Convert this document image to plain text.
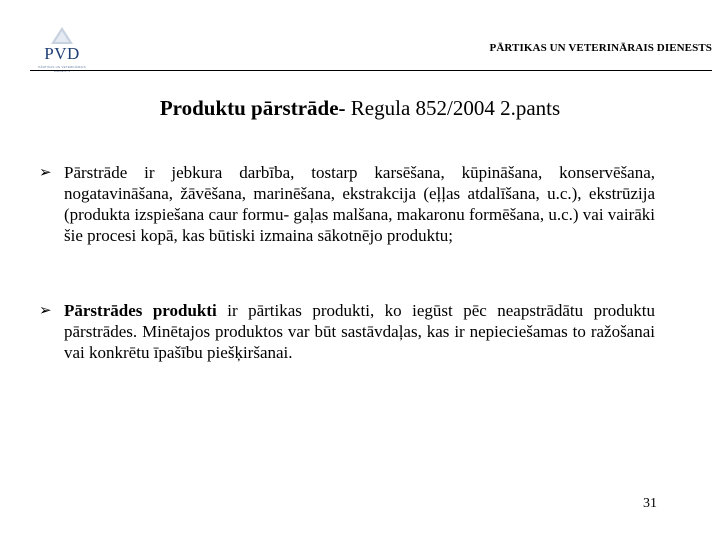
PVD
PĀRTIKAS UN VETERINĀRAIS DIENESTS
PĀRTIKAS UN VETERINĀRAIS DIENESTS
Produktu pārstrāde- Regula 852/2004 2.pants
➢ Pārstrāde ir jebkura darbība, tostarp karsēšana, kūpināšana, konservēšana, nogatavināšana, žāvēšana, marinēšana, ekstrakcija (eļļas atdalīšana, u.c.), ekstrūzija (produkta izspiešana caur formu- gaļas malšana, makaronu formēšana, u.c.) vai vairāki šie procesi kopā, kas būtiski izmaina sākotnējo produktu;
➢ Pārstrādes produkti ir pārtikas produkti, ko iegūst pēc neapstrādātu produktu pārstrādes. Minētajos produktos var būt sastāvdaļas, kas ir nepieciešamas to ražošanai vai konkrētu īpašību piešķiršanai.
31
